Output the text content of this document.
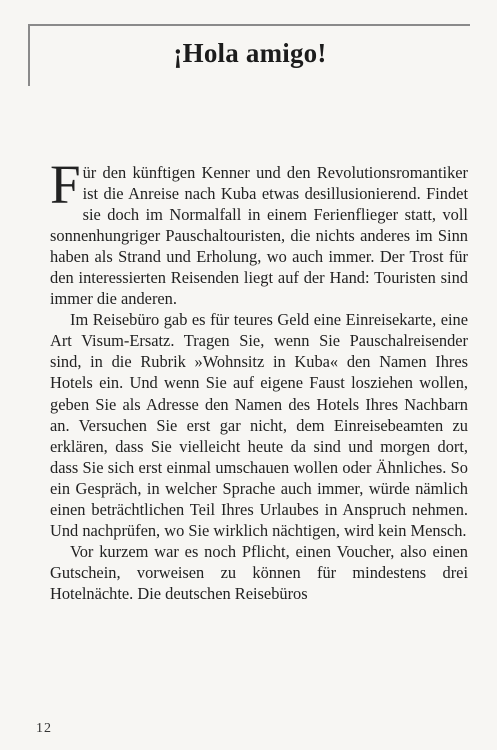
¡Hola amigo!

Für den künftigen Kenner und den Revolutionsromantiker ist die Anreise nach Kuba etwas desillusionierend. Findet sie doch im Normalfall in einem Ferienflieger statt, voll sonnenhungriger Pauschaltouristen, die nichts anderes im Sinn haben als Strand und Erholung, wo auch immer. Der Trost für den interessierten Reisenden liegt auf der Hand: Touristen sind immer die anderen.

Im Reisebüro gab es für teures Geld eine Einreisekarte, eine Art Visum-Ersatz. Tragen Sie, wenn Sie Pauschalreisender sind, in die Rubrik »Wohnsitz in Kuba« den Namen Ihres Hotels ein. Und wenn Sie auf eigene Faust losziehen wollen, geben Sie als Adresse den Namen des Hotels Ihres Nachbarn an. Versuchen Sie erst gar nicht, dem Einreisebeamten zu erklären, dass Sie vielleicht heute da sind und morgen dort, dass Sie sich erst einmal umschauen wollen oder Ähnliches. So ein Gespräch, in welcher Sprache auch immer, würde nämlich einen beträchtlichen Teil Ihres Urlaubes in Anspruch nehmen. Und nachprüfen, wo Sie wirklich nächtigen, wird kein Mensch.

Vor kurzem war es noch Pflicht, einen Voucher, also einen Gutschein, vorweisen zu können für mindestens drei Hotelnächte. Die deutschen Reisebüros

12
